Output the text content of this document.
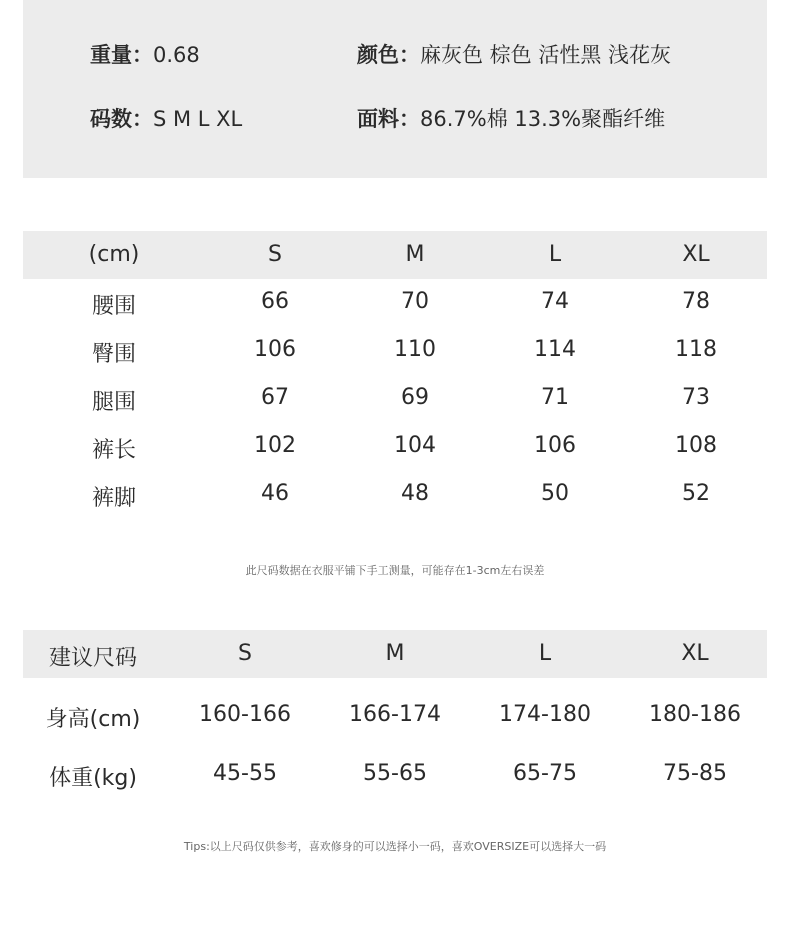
重量：0.68
码数：S M L XL
颜色：麻灰色 棕色 活性黑 浅花灰
面料：86.7%棉 13.3%聚酯纤维
(cm)	S	M	L	XL
腰围	66	70	74	78
臀围	106	110	114	118
腿围	67	69	71	73
裤长	102	104	106	108
裤脚	46	48	50	52
此尺码数据在衣服平铺下手工测量，可能存在1-3cm左右误差
建议尺码	S	M	L	XL
身高(cm)	160-166	166-174	174-180	180-186
体重(kg)	45-55	55-65	65-75	75-85
Tips:以上尺码仅供参考，喜欢修身的可以选择小一码，喜欢OVERSIZE可以选择大一码
